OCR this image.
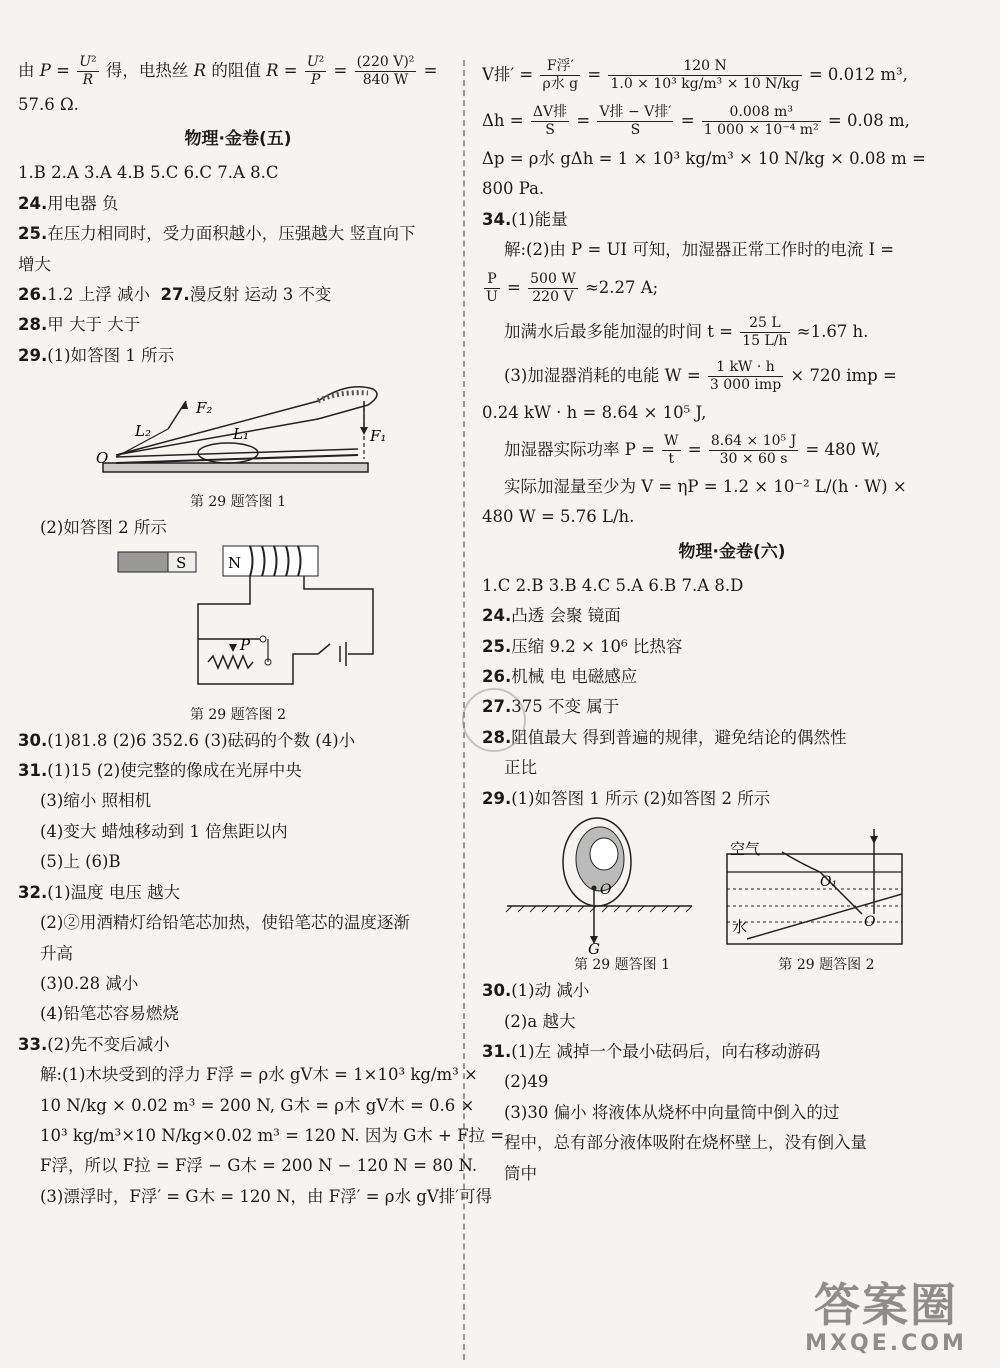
由 $P = \frac{\text{U²}}{R}$ 得，电热丝 R 的阻值 $R = \frac{\text{U²}}{P} = \frac{\text{(220 V)²}}{840 W}$ =
57.6 Ω.
物理·金卷(五)
1.B 2.A 3.A 4.B 5.C 6.C 7.A 8.C
24.用电器 负
25.在压力相同时，受力面积越小，压强越大 竖直向下
增大
26.1.2 上浮 减小 27.漫反射 运动 3 不变
28.甲 大于 大于
29.(1)如答图 1 所示
L₂
F₂
L₁	F₁
O
第 29 题答图 1
(2)如答图 2 所示
S	N
P
第 29 题答图 2
30.(1)81.8 (2)6 352.6 (3)砝码的个数 (4)小
31.(1)15 (2)使完整的像成在光屏中央
(3)缩小 照相机
(4)变大 蜡烛移动到 1 倍焦距以内
(5)上 (6)B
32.(1)温度 电压 越大
(2)②用酒精灯给铅笔芯加热，使铅笔芯的温度逐渐
升高
(3)0.28 减小
(4)铅笔芯容易燃烧
33.(2)先不变后减小
解:(1)木块受到的浮力 F浮 = ρ水 gV木 = 1×10³ kg/m³ ×
10 N/kg × 0.02 m³ = 200 N, G木 = ρ木 gV木 = 0.6 ×
10³ kg/m³×10 N/kg×0.02 m³ = 120 N. 因为 G木 + F拉 =
F浮，所以 F拉 = F浮 − G木 = 200 N − 120 N = 80 N.
(3)漂浮时，F浮′ = G木 = 120 N，由 F浮′ = ρ水 gV排′可得
V排′ = $\frac{\text{F浮′}}{\text{ρ水 g}} = \frac{120 N}{\text{1.0 × 10³ kg/m³ × 10 N/kg}} = 0.012$ m³,
$\Delta h = \frac{\text{ΔV排}}{S} = \frac{\text{V排 − V排′}}{S} = \frac{\text{0.008 m³}}{\text{1 000 × 10⁻⁴ m²}} = 0.08$ m,
Δp = ρ水 gΔh = 1 × 10³ kg/m³ × 10 N/kg × 0.08 m =
800 Pa.
34.(1)能量
解:(2)由 P = UI 可知，加湿器正常工作时的电流 I =
$\frac{P}{U} = \frac{500 W}{220 V} \approx 2.27$ A;
加满水后最多能加湿的时间 $t = \frac{25 L}{15 L/h} \approx 1.67$ h.
(3)加湿器消耗的电能 $W = \frac{1 kW \cdot h}{\text{3 000 imp}} \times 720$ imp =
0.24 kW · h = 8.64 × 10⁵ J,
加湿器实际功率 $P = \frac{W}{t} = \frac{\text{8.64 × 10⁵ J}}{30 \times 60 s} = 480$ W,
实际加湿量至少为 V = ηP = 1.2 × 10⁻² L/(h · W) ×
480 W = 5.76 L/h.
物理·金卷(六)
1.C 2.B 3.B 4.C 5.A 6.B 7.A 8.D
24.凸透 会聚 镜面
25.压缩 9.2 × 10⁶ 比热容
26.机械 电 电磁感应
27.375 不变 属于
28.阻值最大 得到普遍的规律，避免结论的偶然性
正比
29.(1)如答图 1 所示 (2)如答图 2 所示
G
O
空气
水
O₁
O
第 29 题答图 1	第 29 题答图 2
30.(1)动 减小
(2)a 越大
31.(1)左 减掉一个最小砝码后，向右移动游码
(2)49
(3)30 偏小 将液体从烧杯中向量筒中倒入的过
程中，总有部分液体吸附在烧杯壁上，没有倒入量
筒中
答案圈
MXQE.COM
